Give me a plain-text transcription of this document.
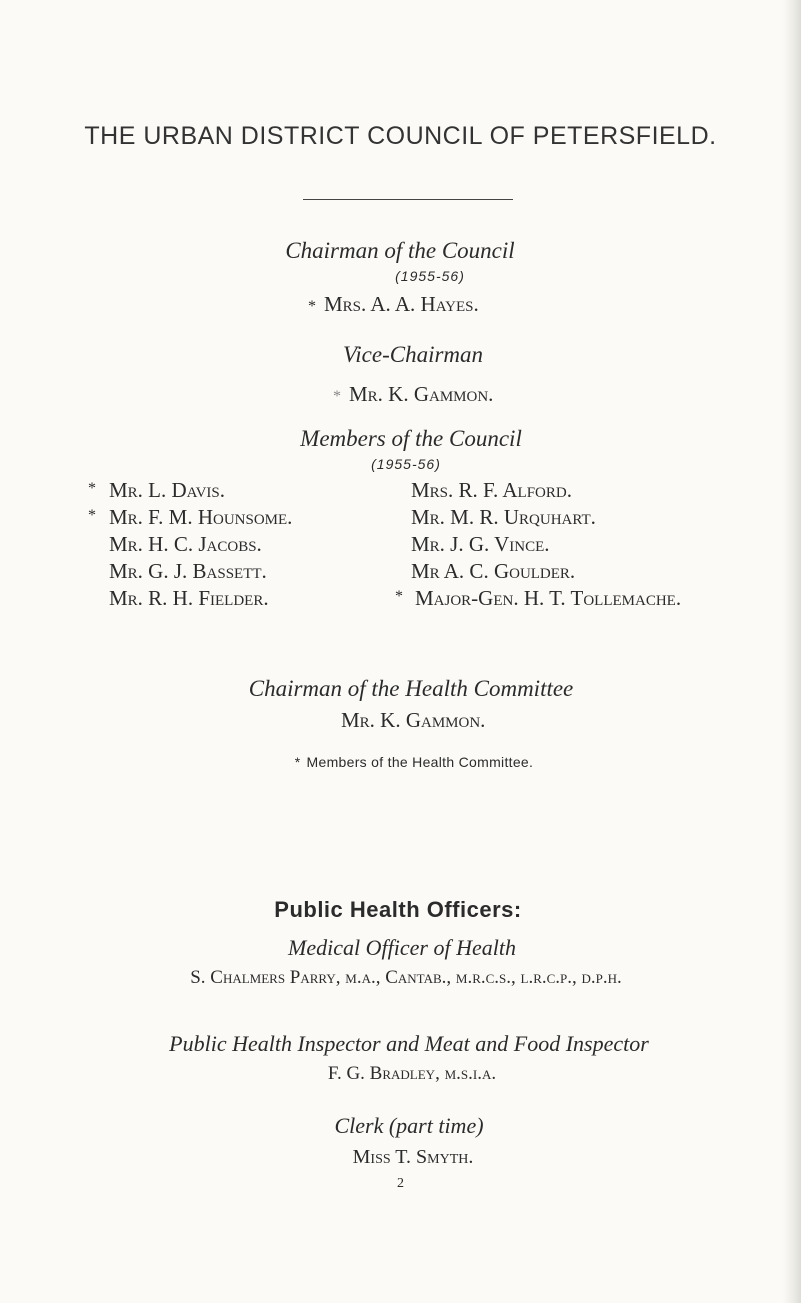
THE URBAN DISTRICT COUNCIL OF PETERSFIELD.
Chairman of the Council
(1955-56)
* Mrs. A. A. Hayes.
Vice-Chairman
* Mr. K. Gammon.
Members of the Council
(1955-56)
* Mr. L. Davis.
* Mr. F. M. Hounsome.
Mr. H. C. Jacobs.
Mr. G. J. Bassett.
Mr. R. H. Fielder.
Mrs. R. F. Alford.
Mr. M. R. Urquhart.
Mr. J. G. Vince.
Mr A. C. Goulder.
* Major-Gen. H. T. Tollemache.
Chairman of the Health Committee
Mr. K. Gammon.
* Members of the Health Committee.
Public Health Officers:
Medical Officer of Health
S. Chalmers Parry, m.a., Cantab., m.r.c.s., l.r.c.p., d.p.h.
Public Health Inspector and Meat and Food Inspector
F. G. Bradley, m.s.i.a.
Clerk (part time)
Miss T. Smyth.
2
